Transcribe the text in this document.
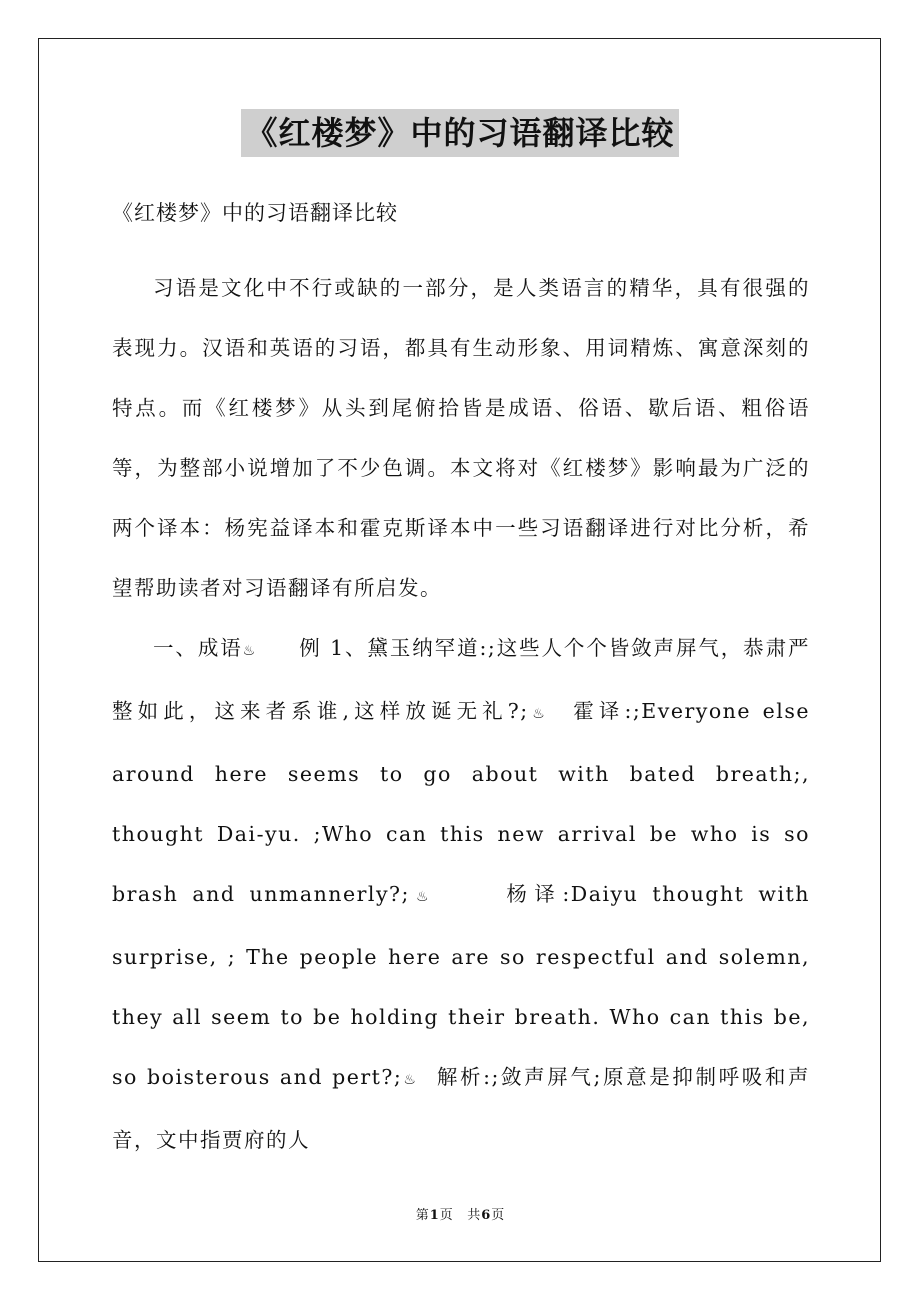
《红楼梦》中的习语翻译比较
《红楼梦》中的习语翻译比较

习语是文化中不行或缺的一部分，是人类语言的精华，具有很强的表现力。汉语和英语的习语，都具有生动形象、用词精炼、寓意深刻的特点。而《红楼梦》从头到尾俯拾皆是成语、俗语、歇后语、粗俗语等，为整部小说增加了不少色调。本文将对《红楼梦》影响最为广泛的两个译本：杨宪益译本和霍克斯译本中一些习语翻译进行对比分析，希望帮助读者对习语翻译有所启发。

一、成语♨ 例 1、黛玉纳罕道:;这些人个个皆敛声屏气，恭肃严整如此，这来者系谁,这样放诞无礼?;♨ 霍译:;Everyone else around here seems to go about with bated breath;, thought Dai-yu. ;Who can this new arrival be who is so brash and unmannerly?;♨	杨译:Daiyu thought with surprise, ; The people here are so respectful and solemn, they all seem to be holding their breath. Who can this be, so boisterous and pert?;♨ 解析:;敛声屏气;原意是抑制呼吸和声音，文中指贾府的人

第1页 共6页
